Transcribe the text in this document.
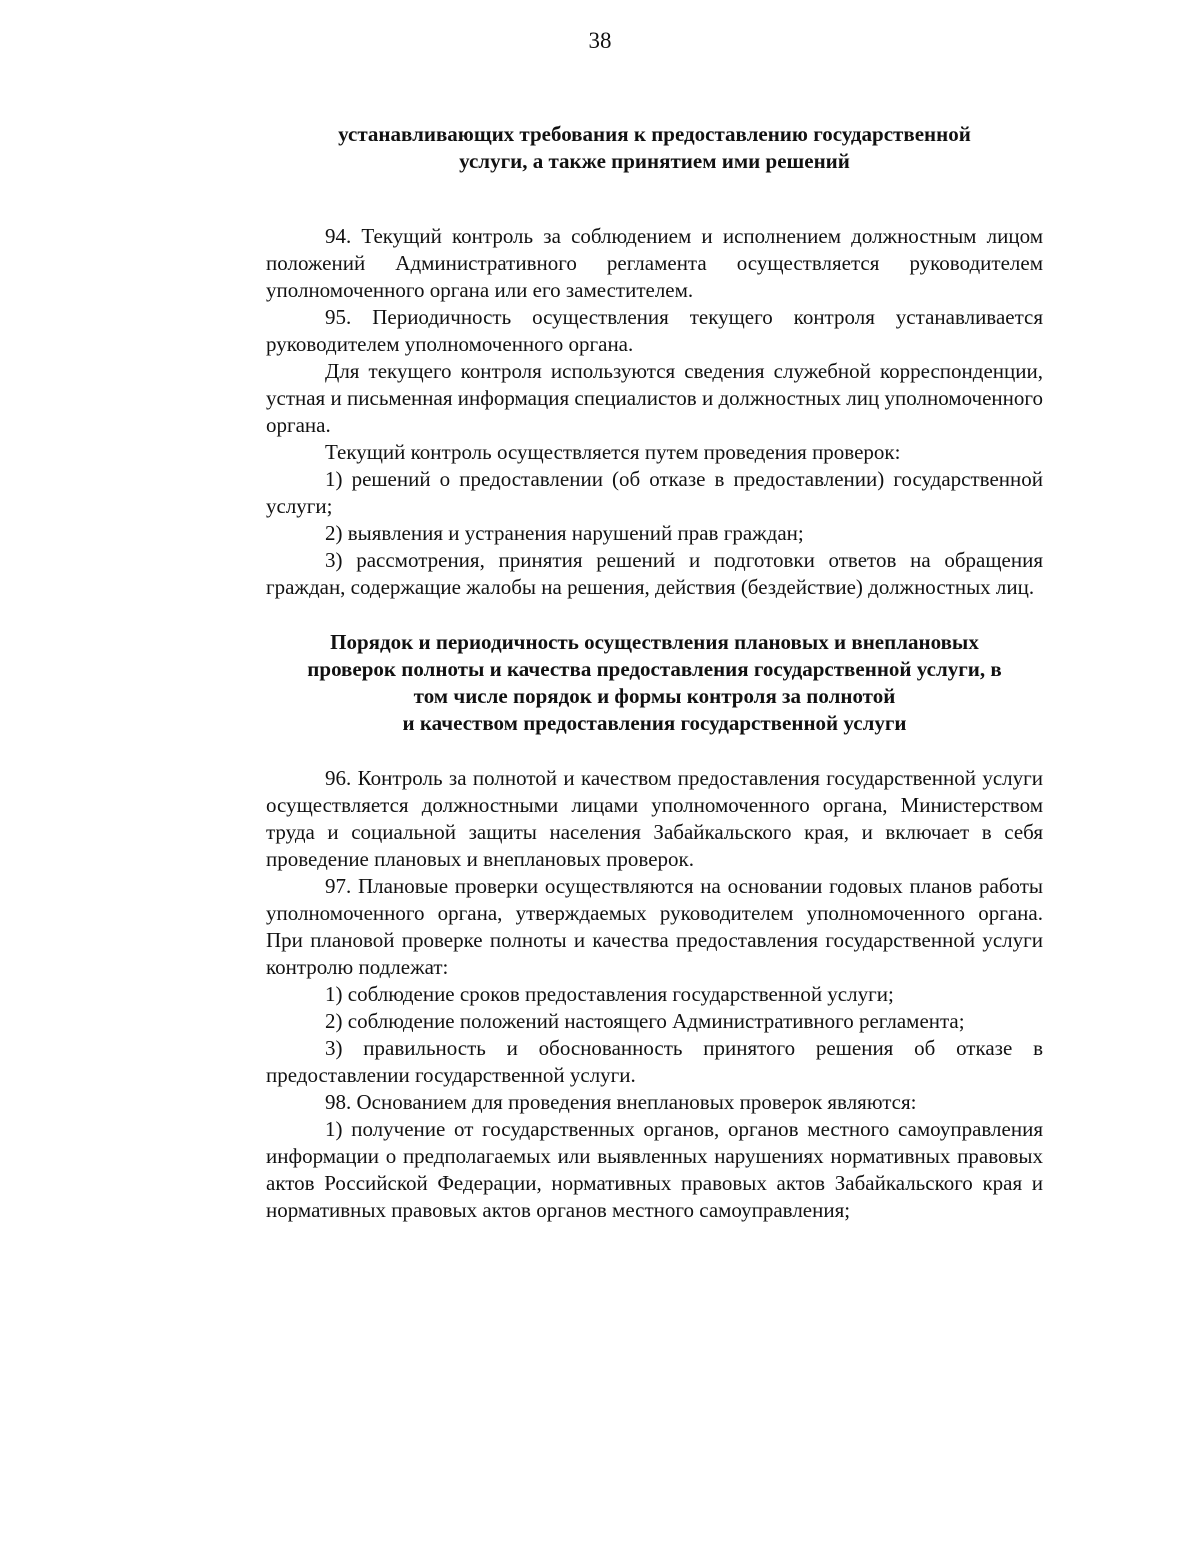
38
устанавливающих требования к предоставлению государственной
услуги, а также принятием ими решений

94. Текущий контроль за соблюдением и исполнением должностным лицом положений Административного регламента осуществляется руководителем уполномоченного органа или его заместителем.

95. Периодичность осуществления текущего контроля устанавливается руководителем уполномоченного органа.

Для текущего контроля используются сведения служебной корреспонденции, устная и письменная информация специалистов и должностных лиц уполномоченного органа.

Текущий контроль осуществляется путем проведения проверок:

1) решений о предоставлении (об отказе в предоставлении) государственной услуги;

2) выявления и устранения нарушений прав граждан;

3) рассмотрения, принятия решений и подготовки ответов на обращения граждан, содержащие жалобы на решения, действия (бездействие) должностных лиц.

Порядок и периодичность осуществления плановых и внеплановых
проверок полноты и качества предоставления государственной услуги, в
том числе порядок и формы контроля за полнотой
и качеством предоставления государственной услуги

96. Контроль за полнотой и качеством предоставления государственной услуги осуществляется должностными лицами уполномоченного органа, Министерством труда и социальной защиты населения Забайкальского края, и включает в себя проведение плановых и внеплановых проверок.

97. Плановые проверки осуществляются на основании годовых планов работы уполномоченного органа, утверждаемых руководителем уполномоченного органа. При плановой проверке полноты и качества предоставления государственной услуги контролю подлежат:

1) соблюдение сроков предоставления государственной услуги;

2) соблюдение положений настоящего Административного регламента;

3) правильность и обоснованность принятого решения об отказе в предоставлении государственной услуги.

98. Основанием для проведения внеплановых проверок являются:

1) получение от государственных органов, органов местного самоуправления информации о предполагаемых или выявленных нарушениях нормативных правовых актов Российской Федерации, нормативных правовых актов Забайкальского края и нормативных правовых актов органов местного самоуправления;
